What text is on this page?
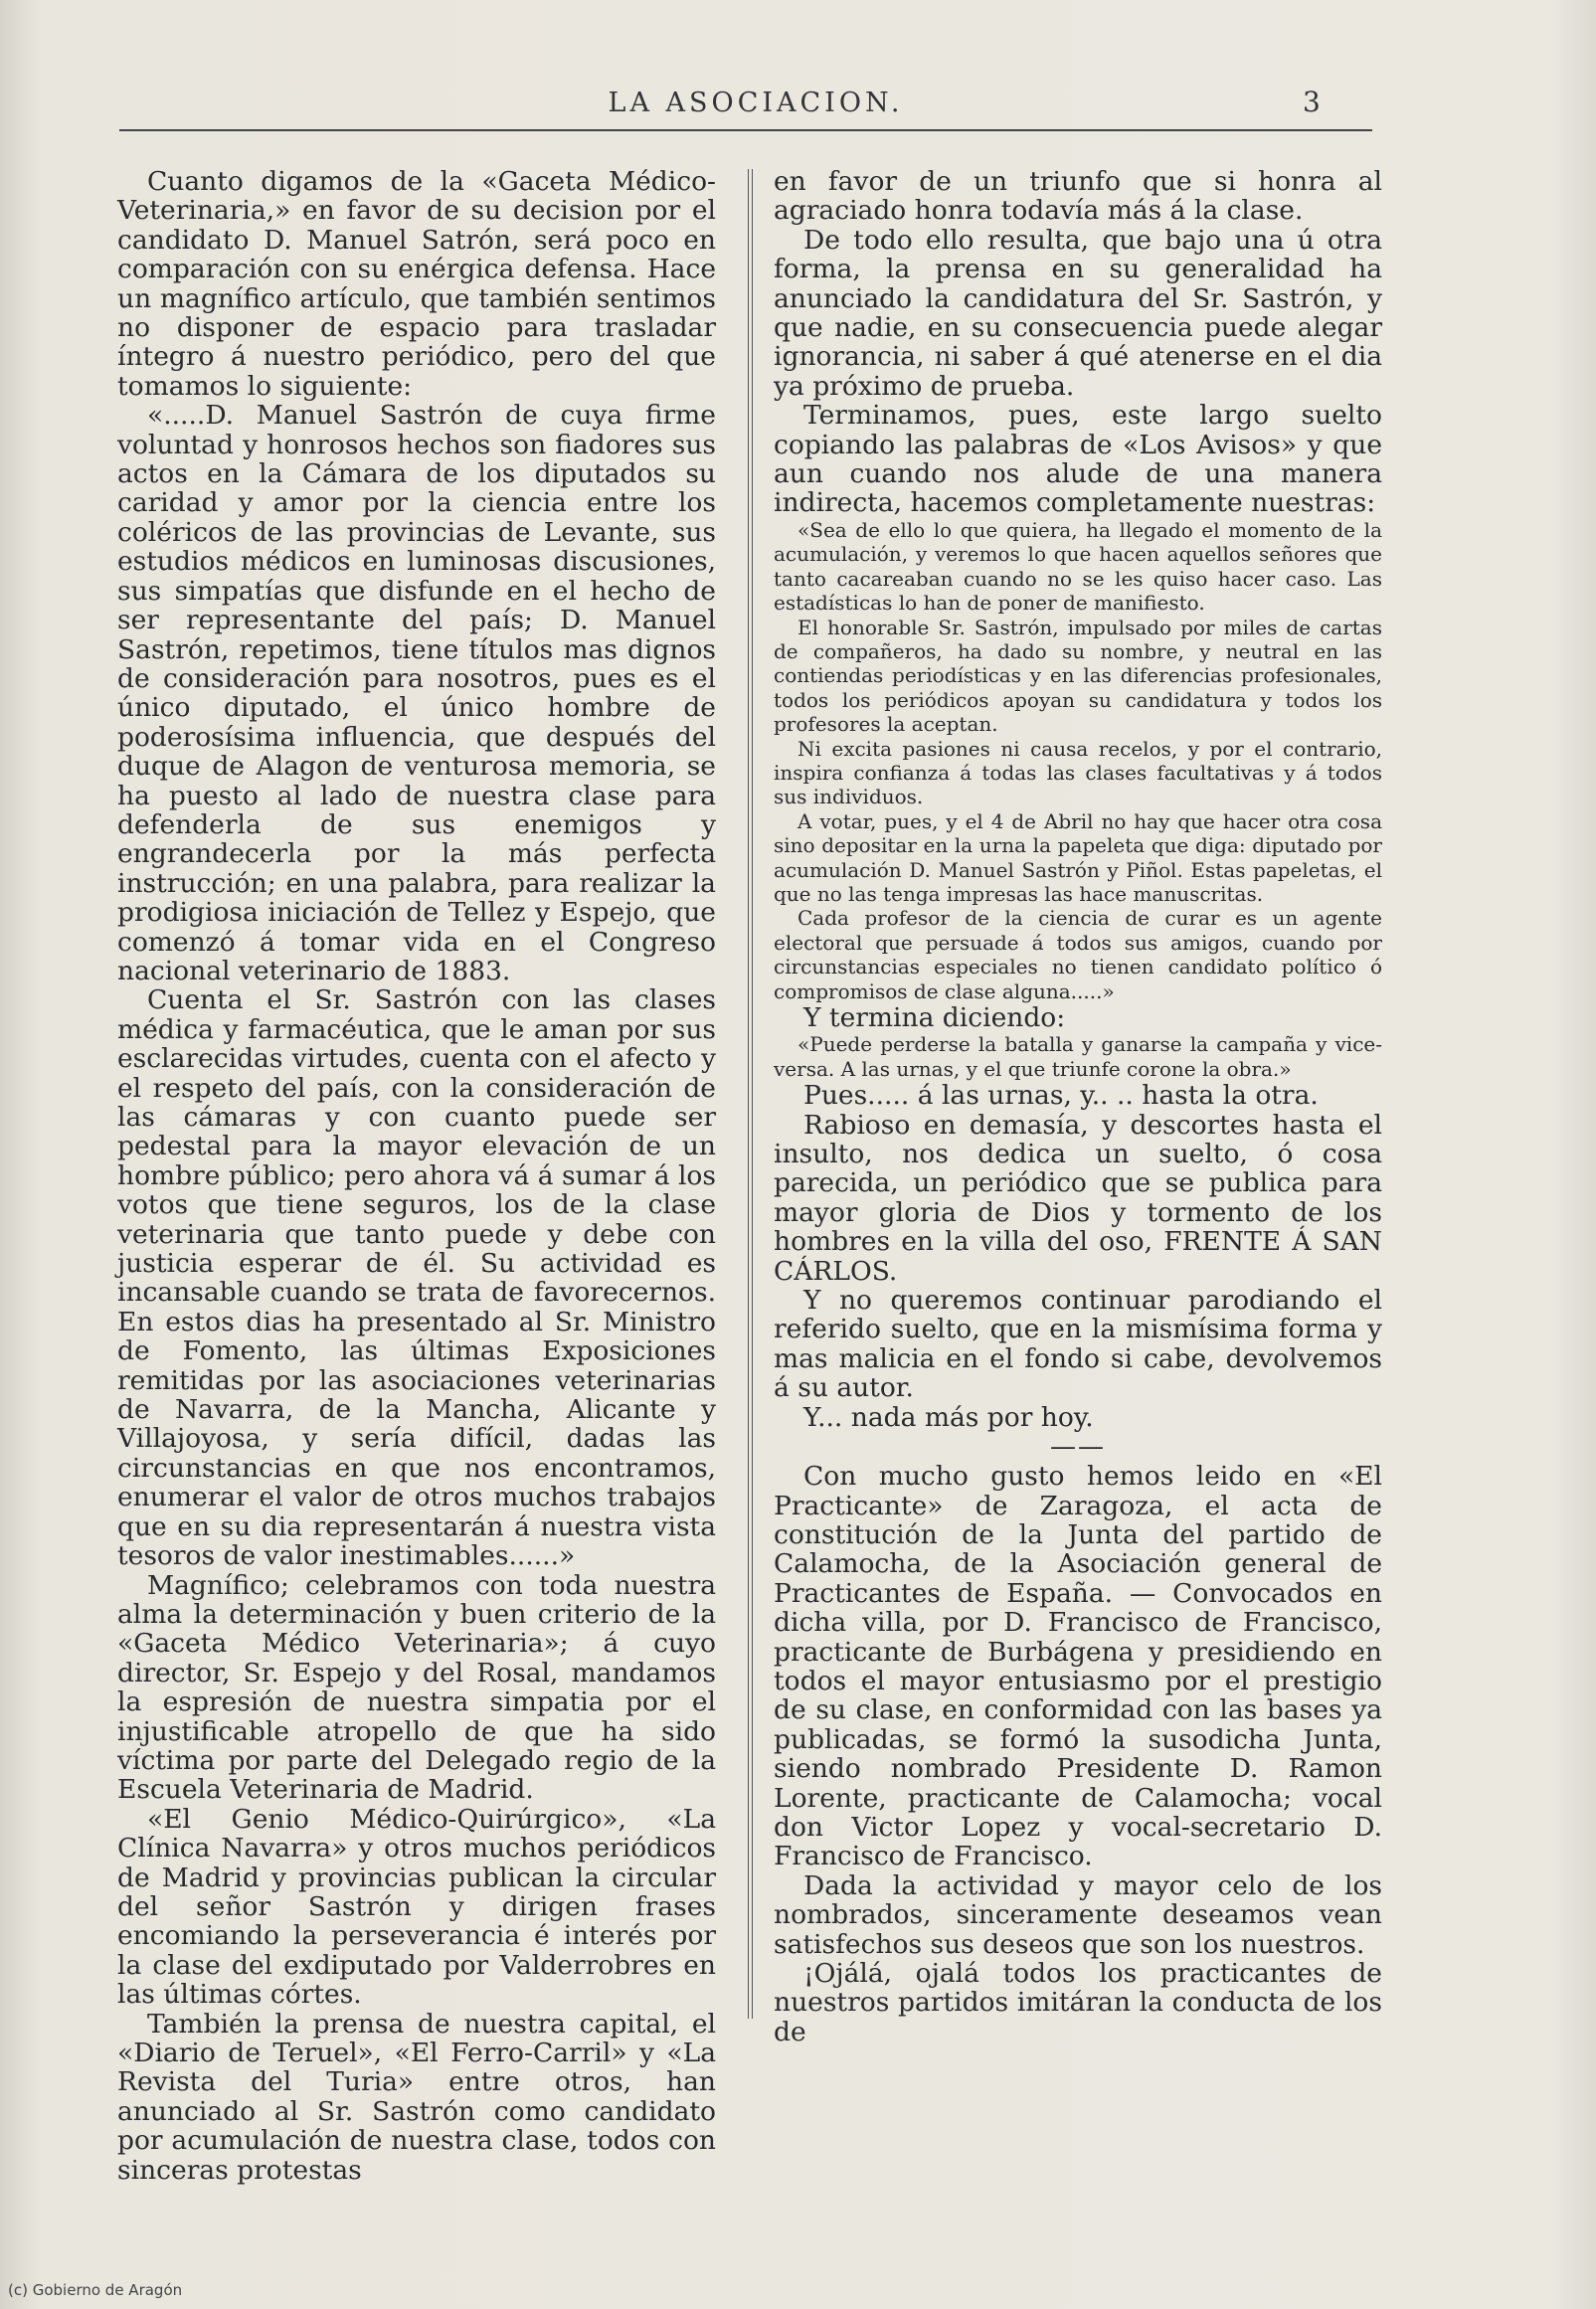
LA ASOCIACION.	3

Cuanto digamos de la «Gaceta Médico-Veterinaria,» en favor de su decision por el candidato D. Manuel Satrón, será poco en comparación con su enérgica defensa. Hace un magnífico artículo, que también sentimos no disponer de espacio para trasladar íntegro á nuestro periódico, pero del que tomamos lo siguiente:

«.....D. Manuel Sastrón de cuya firme voluntad y honrosos hechos son fiadores sus actos en la Cámara de los diputados su caridad y amor por la ciencia entre los coléricos de las provincias de Levante, sus estudios médicos en luminosas discusiones, sus simpatías que disfunde en el hecho de ser representante del país; D. Manuel Sastrón, repetimos, tiene títulos mas dignos de consideración para nosotros, pues es el único diputado, el único hombre de poderosísima influencia, que después del duque de Alagon de venturosa memoria, se ha puesto al lado de nuestra clase para defenderla de sus enemigos y engrandecerla por la más perfecta instrucción; en una palabra, para realizar la prodigiosa iniciación de Tellez y Espejo, que comenzó á tomar vida en el Congreso nacional veterinario de 1883.

Cuenta el Sr. Sastrón con las clases médica y farmacéutica, que le aman por sus esclarecidas virtudes, cuenta con el afecto y el respeto del país, con la consideración de las cámaras y con cuanto puede ser pedestal para la mayor elevación de un hombre público; pero ahora vá á sumar á los votos que tiene seguros, los de la clase veterinaria que tanto puede y debe con justicia esperar de él. Su actividad es incansable cuando se trata de favorecernos. En estos dias ha presentado al Sr. Ministro de Fomento, las últimas Exposiciones remitidas por las asociaciones veterinarias de Navarra, de la Mancha, Alicante y Villajoyosa, y sería difícil, dadas las circunstancias en que nos encontramos, enumerar el valor de otros muchos trabajos que en su dia representarán á nuestra vista tesoros de valor inestimables......»

Magnífico; celebramos con toda nuestra alma la determinación y buen criterio de la «Gaceta Médico Veterinaria»; á cuyo director, Sr. Espejo y del Rosal, mandamos la espresión de nuestra simpatia por el injustificable atropello de que ha sido víctima por parte del Delegado regio de la Escuela Veterinaria de Madrid.

«El Genio Médico-Quirúrgico», «La Clínica Navarra» y otros muchos periódicos de Madrid y provincias publican la circular del señor Sastrón y dirigen frases encomiando la perseverancia é interés por la clase del exdiputado por Valderrobres en las últimas córtes.

También la prensa de nuestra capital, el «Diario de Teruel», «El Ferro-Carril» y «La Revista del Turia» entre otros, han anunciado al Sr. Sastrón como candidato por acumulación de nuestra clase, todos con sinceras protestas

en favor de un triunfo que si honra al agraciado honra todavía más á la clase.

De todo ello resulta, que bajo una ú otra forma, la prensa en su generalidad ha anunciado la candidatura del Sr. Sastrón, y que nadie, en su consecuencia puede alegar ignorancia, ni saber á qué atenerse en el dia ya próximo de prueba.

Terminamos, pues, este largo suelto copiando las palabras de «Los Avisos» y que aun cuando nos alude de una manera indirecta, hacemos completamente nuestras:

«Sea de ello lo que quiera, ha llegado el momento de la acumulación, y veremos lo que hacen aquellos señores que tanto cacareaban cuando no se les quiso hacer caso. Las estadísticas lo han de poner de manifiesto.

El honorable Sr. Sastrón, impulsado por miles de cartas de compañeros, ha dado su nombre, y neutral en las contiendas periodísticas y en las diferencias profesionales, todos los periódicos apoyan su candidatura y todos los profesores la aceptan.

Ni excita pasiones ni causa recelos, y por el contrario, inspira confianza á todas las clases facultativas y á todos sus individuos.

A votar, pues, y el 4 de Abril no hay que hacer otra cosa sino depositar en la urna la papeleta que diga: diputado por acumulación D. Manuel Sastrón y Piñol. Estas papeletas, el que no las tenga impresas las hace manuscritas.

Cada profesor de la ciencia de curar es un agente electoral que persuade á todos sus amigos, cuando por circunstancias especiales no tienen candidato político ó compromisos de clase alguna.....»

Y termina diciendo:

«Puede perderse la batalla y ganarse la campaña y vice-versa. A las urnas, y el que triunfe corone la obra.»

Pues..... á las urnas, y.. .. hasta la otra.

Rabioso en demasía, y descortes hasta el insulto, nos dedica un suelto, ó cosa parecida, un periódico que se publica para mayor gloria de Dios y tormento de los hombres en la villa del oso, FRENTE Á SAN CÁRLOS.

Y no queremos continuar parodiando el referido suelto, que en la mismísima forma y mas malicia en el fondo si cabe, devolvemos á su autor.

Y... nada más por hoy.

——

Con mucho gusto hemos leido en «El Practicante» de Zaragoza, el acta de constitución de la Junta del partido de Calamocha, de la Asociación general de Practicantes de España. — Convocados en dicha villa, por D. Francisco de Francisco, practicante de Burbágena y presidiendo en todos el mayor entusiasmo por el prestigio de su clase, en conformidad con las bases ya publicadas, se formó la susodicha Junta, siendo nombrado Presidente D. Ramon Lorente, practicante de Calamocha; vocal don Victor Lopez y vocal-secretario D. Francisco de Francisco.

Dada la actividad y mayor celo de los nombrados, sinceramente deseamos vean satisfechos sus deseos que son los nuestros.

¡Ojálá, ojalá todos los practicantes de nuestros partidos imitáran la conducta de los de

(c) Gobierno de Aragón
